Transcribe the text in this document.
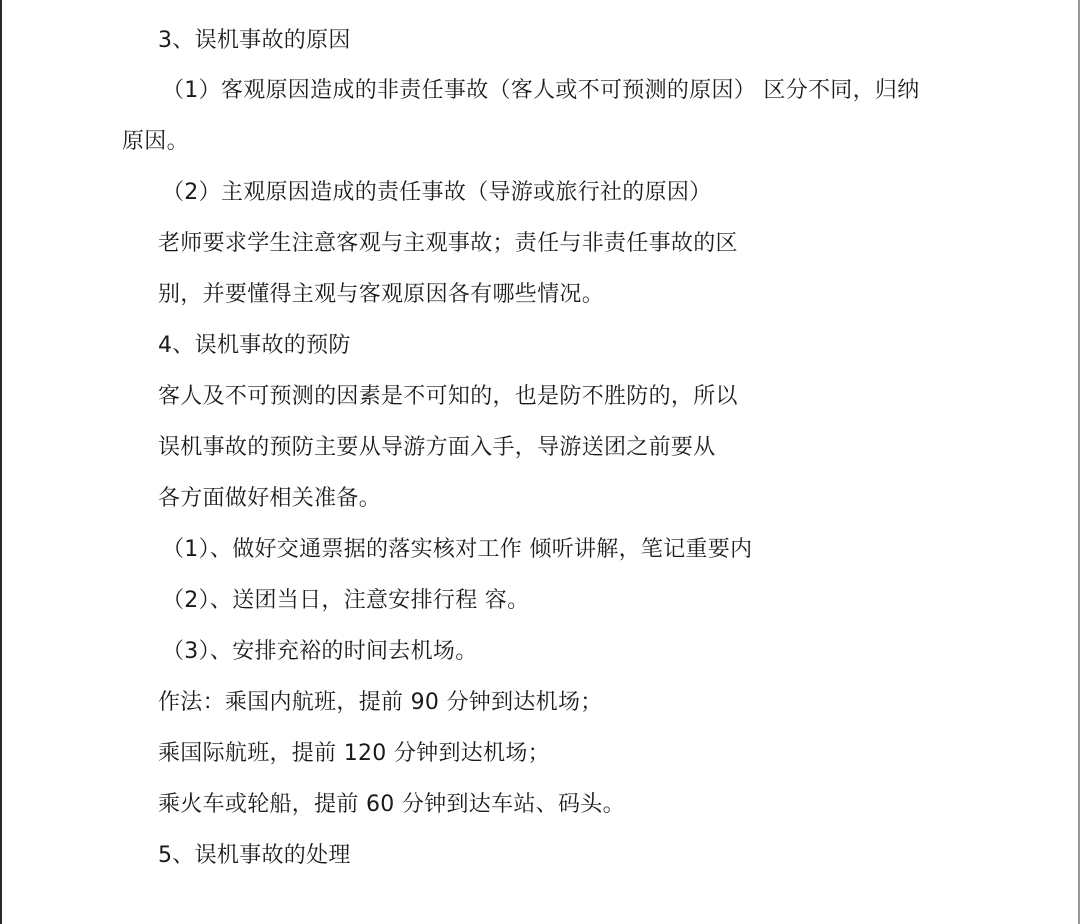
3、误机事故的原因
（1）客观原因造成的非责任事故（客人或不可预测的原因） 区分不同，归纳
原因。
（2）主观原因造成的责任事故（导游或旅行社的原因）
老师要求学生注意客观与主观事故；责任与非责任事故的区
别，并要懂得主观与客观原因各有哪些情况。
4、误机事故的预防
客人及不可预测的因素是不可知的，也是防不胜防的，所以
误机事故的预防主要从导游方面入手，导游送团之前要从
各方面做好相关准备。
（1）、做好交通票据的落实核对工作 倾听讲解，笔记重要内
（2）、送团当日，注意安排行程 容。
（3）、安排充裕的时间去机场。
作法：乘国内航班，提前 90 分钟到达机场；
乘国际航班，提前 120 分钟到达机场；
乘火车或轮船，提前 60 分钟到达车站、码头。
5、误机事故的处理
